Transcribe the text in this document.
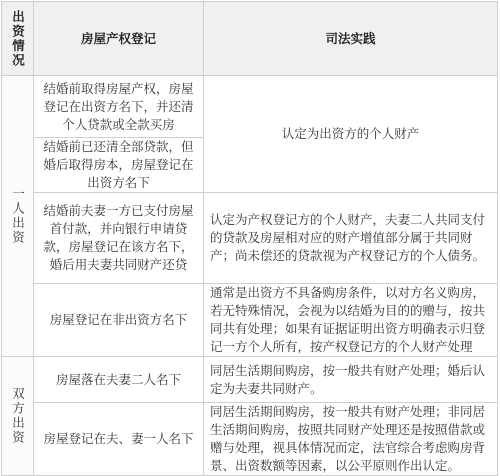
出资情况	房屋产权登记	司法实践
一人出资	结婚前取得房屋产权，房屋登记在出资方名下，并还清个人贷款或全款买房	认定为出资方的个人财产
	结婚前已还清全部贷款，但婚后取得房本，房屋登记在出资方名下	
	结婚前夫妻一方已支付房屋首付款，并向银行申请贷款，房屋登记在该方名下，婚后用夫妻共同财产还贷	认定为产权登记方的个人财产，夫妻二人共同支付的贷款及房屋相对应的财产增值部分属于共同财产；尚未偿还的贷款视为产权登记方的个人债务。
	房屋登记在非出资方名下	通常是出资方不具备购房条件，以对方名义购房，若无特殊情况，会视为以结婚为目的的赠与，按共同共有处理；如果有证据证明出资方明确表示归登记一方个人所有，按产权登记方的个人财产处理
双方出资	房屋落在夫妻二人名下	同居生活期间购房，按一般共有财产处理；婚后认定为夫妻共同财产。
	房屋登记在夫、妻一人名下	同居生活期间购房，按一般共有财产处理；非同居生活期间购房，按照共同财产处理还是按照借款或赠与处理，视具体情况而定，法官综合考虑购房背景、出资数额等因素，以公平原则作出认定。
